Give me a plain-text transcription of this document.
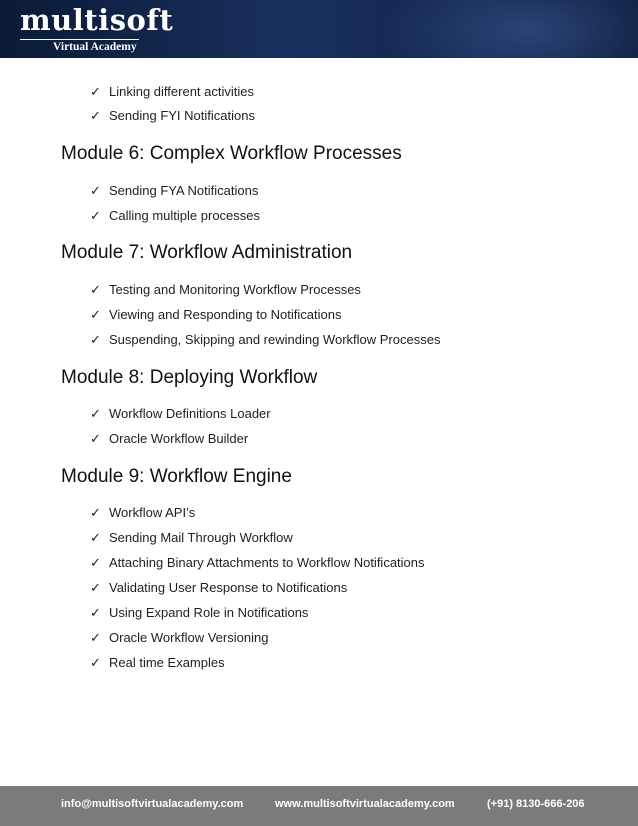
multisoft
Virtual Academy
✓ Linking different activities
✓ Sending FYI Notifications
Module 6: Complex Workflow Processes
✓ Sending FYA Notifications
✓ Calling multiple processes
Module 7: Workflow Administration
✓ Testing and Monitoring Workflow Processes
✓ Viewing and Responding to Notifications
✓ Suspending, Skipping and rewinding Workflow Processes
Module 8: Deploying Workflow
✓ Workflow Definitions Loader
✓ Oracle Workflow Builder
Module 9: Workflow Engine
✓ Workflow API’s
✓ Sending Mail Through Workflow
✓ Attaching Binary Attachments to Workflow Notifications
✓ Validating User Response to Notifications
✓ Using Expand Role in Notifications
✓ Oracle Workflow Versioning
✓ Real time Examples
info@multisoftvirtualacademy.com	www.multisoftvirtualacademy.com	(+91) 8130-666-206
